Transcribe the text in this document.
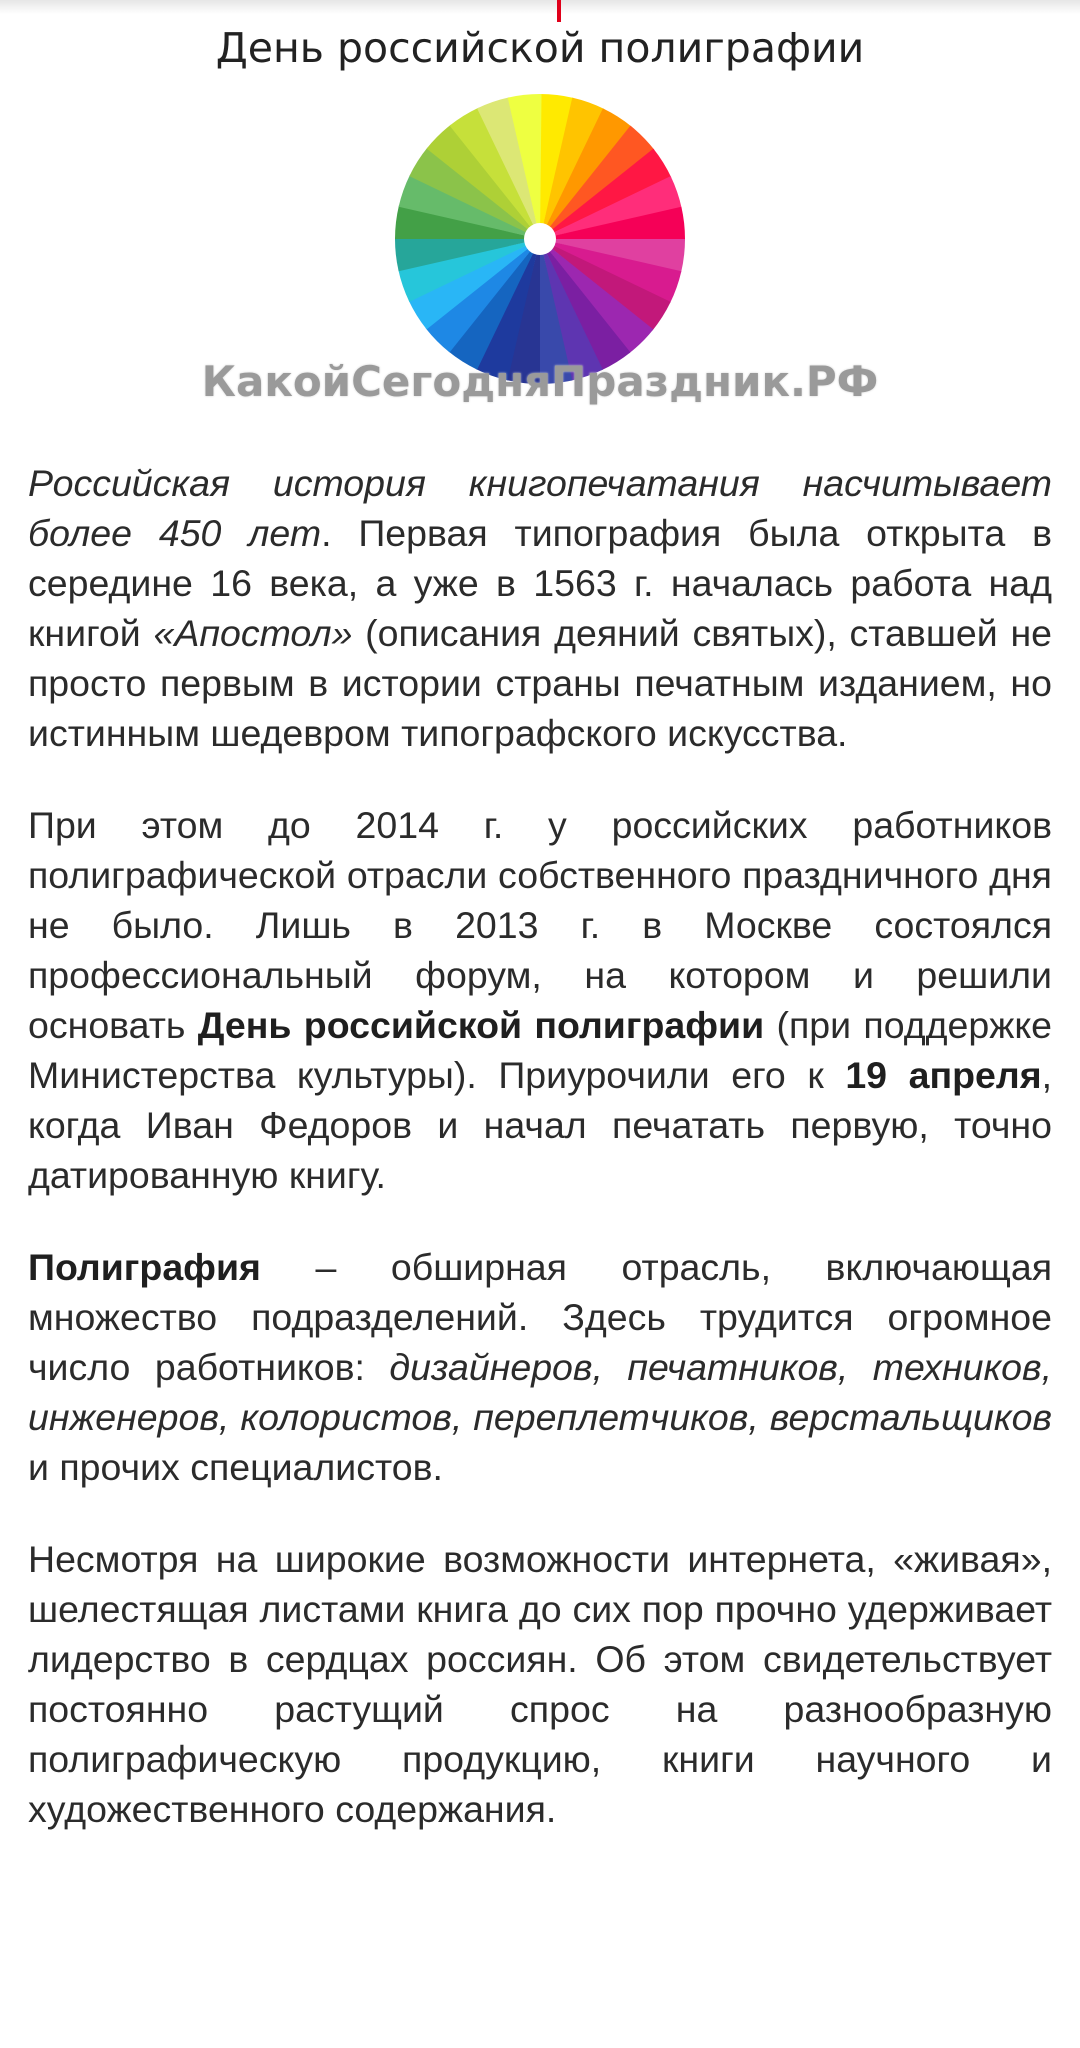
День российской полиграфии
КакойСегодняПраздник.РФ

Российская история книгопечатания насчитывает более 450 лет. Первая типография была открыта в середине 16 века, а уже в 1563 г. началась работа над книгой «Апостол» (описания деяний святых), ставшей не просто первым в истории страны печатным изданием, но истинным шедевром типографского искусства.

При этом до 2014 г. у российских работников полиграфической отрасли собственного праздничного дня не было. Лишь в 2013 г. в Москве состоялся профессиональный форум, на котором и решили основать День российской полиграфии (при поддержке Министерства культуры). Приурочили его к 19 апреля, когда Иван Федоров и начал печатать первую, точно датированную книгу.

Полиграфия – обширная отрасль, включающая множество подразделений. Здесь трудится огромное число работников: дизайнеров, печатников, техников, инженеров, колористов, переплетчиков, верстальщиков и прочих специалистов.

Несмотря на широкие возможности интернета, «живая», шелестящая листами книга до сих пор прочно удерживает лидерство в сердцах россиян. Об этом свидетельствует постоянно растущий спрос на разнообразную полиграфическую продукцию, книги научного и художественного содержания.
